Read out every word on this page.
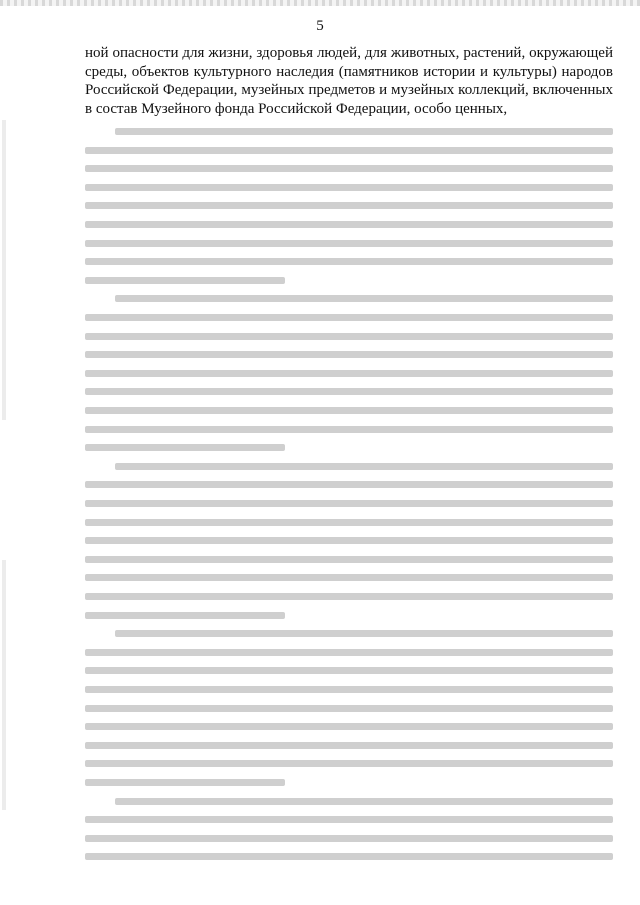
5

ной опасности для жизни, здоровья людей, для животных, растений, окружающей среды, объектов культурного наследия (памятников истории и культуры) народов Российской Федерации, музейных предметов и музейных коллекций, включенных в состав Музейного фонда Российской Федерации, особо ценных,
